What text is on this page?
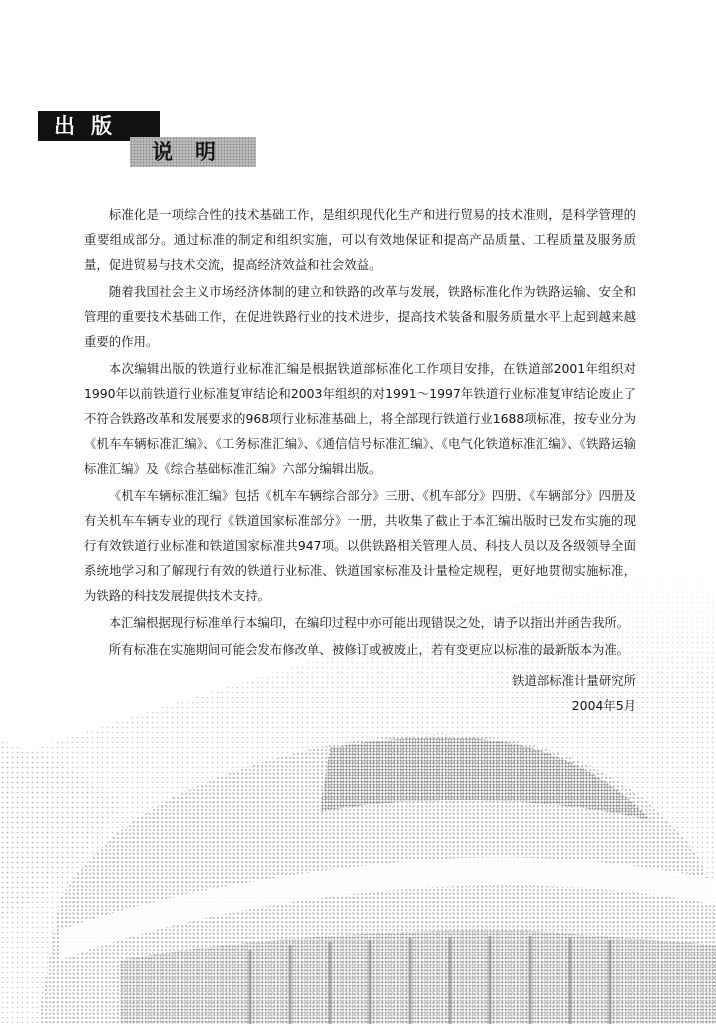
出版
说明

标准化是一项综合性的技术基础工作，是组织现代化生产和进行贸易的技术准则，是科学管理的重要组成部分。通过标准的制定和组织实施，可以有效地保证和提高产品质量、工程质量及服务质量，促进贸易与技术交流，提高经济效益和社会效益。

随着我国社会主义市场经济体制的建立和铁路的改革与发展，铁路标准化作为铁路运输、安全和管理的重要技术基础工作，在促进铁路行业的技术进步，提高技术装备和服务质量水平上起到越来越重要的作用。

本次编辑出版的铁道行业标准汇编是根据铁道部标准化工作项目安排，在铁道部2001年组织对1990年以前铁道行业标准复审结论和2003年组织的对1991～1997年铁道行业标准复审结论废止了不符合铁路改革和发展要求的968项行业标准基础上，将全部现行铁道行业1688项标准，按专业分为《机车车辆标准汇编》、《工务标准汇编》、《通信信号标准汇编》、《电气化铁道标准汇编》、《铁路运输标准汇编》及《综合基础标准汇编》六部分编辑出版。

《机车车辆标准汇编》包括《机车车辆综合部分》三册、《机车部分》四册、《车辆部分》四册及有关机车车辆专业的现行《铁道国家标准部分》一册，共收集了截止于本汇编出版时已发布实施的现行有效铁道行业标准和铁道国家标准共947项。以供铁路相关管理人员、科技人员以及各级领导全面系统地学习和了解现行有效的铁道行业标准、铁道国家标准及计量检定规程，更好地贯彻实施标准，为铁路的科技发展提供技术支持。

本汇编根据现行标准单行本编印，在编印过程中亦可能出现错误之处，请予以指出并函告我所。

所有标准在实施期间可能会发布修改单、被修订或被废止，若有变更应以标准的最新版本为准。

铁道部标准计量研究所

2004年5月
